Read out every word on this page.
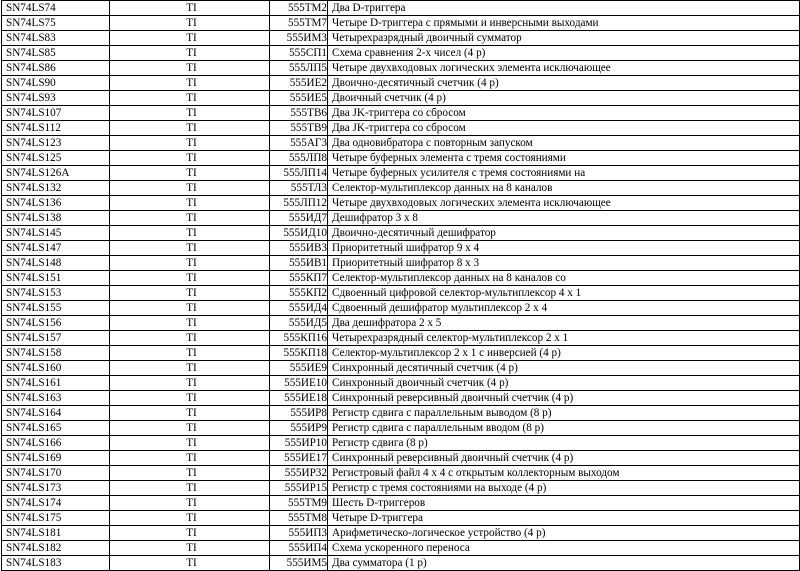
SN74LS74	TI	555ТМ2	Два D-триггера
SN74LS75	TI	555ТМ7	Четыре D-триггера с прямыми и инверсными выходами
SN74LS83	TI	555ИМ3	Четырехразрядный двоичный сумматор
SN74LS85	TI	555СП1	Схема сравнения 2-х чисел (4 р)
SN74LS86	TI	555ЛП5	Четыре двухвходовых логических элемента исключающее
SN74LS90	TI	555ИЕ2	Двоично-десятичный счетчик (4 р)
SN74LS93	TI	555ИЕ5	Двоичный счетчик (4 р)
SN74LS107	TI	555ТВ6	Два JK-триггера со сбросом
SN74LS112	TI	555ТВ9	Два JK-триггера со сбросом
SN74LS123	TI	555АГ3	Два одновибратора с повторным запуском
SN74LS125	TI	555ЛП8	Четыре буферных элемента с тремя состояниями
SN74LS126A	TI	555ЛП14	Четыре буферных усилителя с тремя состояниями на
SN74LS132	TI	555ТЛ3	Селектор-мультиплексор данных на 8 каналов
SN74LS136	TI	555ЛП12	Четыре двухвходовых логических элемента исключающее
SN74LS138	TI	555ИД7	Дешифратор 3 х 8
SN74LS145	TI	555ИД10	Двоично-десятичный дешифратор
SN74LS147	TI	555ИВ3	Приоритетный шифратор 9 х 4
SN74LS148	TI	555ИВ1	Приоритетный шифратор 8 х 3
SN74LS151	TI	555КП7	Селектор-мультиплексор данных на 8 каналов со
SN74LS153	TI	555КП2	Сдвоенный цифровой селектор-мультиплексор 4 х 1
SN74LS155	TI	555ИД4	Сдвоенный дешифратор мультиплексор 2 х 4
SN74LS156	TI	555ИД5	Два дешифратора 2 х 5
SN74LS157	TI	555КП16	Четырехразрядный селектор-мультиплексор 2 х 1
SN74LS158	TI	555КП18	Селектор-мультиплексор 2 х 1 с инверсией (4 р)
SN74LS160	TI	555ИЕ9	Синхронный десятичный счетчик (4 р)
SN74LS161	TI	555ИЕ10	Синхронный двоичный счетчик (4 р)
SN74LS163	TI	555ИЕ18	Синхронный реверсивный двоичный счетчик (4 р)
SN74LS164	TI	555ИР8	Регистр сдвига с параллельным выводом (8 р)
SN74LS165	TI	555ИР9	Регистр сдвига с параллельным вводом (8 р)
SN74LS166	TI	555ИР10	Регистр сдвига (8 р)
SN74LS169	TI	555ИЕ17	Синхронный реверсивный двоичный счетчик (4 р)
SN74LS170	TI	555ИР32	Регистровый файл 4 х 4 с открытым коллекторным выходом
SN74LS173	TI	555ИР15	Регистр с тремя состояниями на выходе (4 р)
SN74LS174	TI	555ТМ9	Шесть D-триггеров
SN74LS175	TI	555ТМ8	Четыре D-триггера
SN74LS181	TI	555ИП3	Арифметическо-логическое устройство (4 р)
SN74LS182	TI	555ИП4	Схема ускоренного переноса
SN74LS183	TI	555ИМ5	Два сумматора (1 р)
